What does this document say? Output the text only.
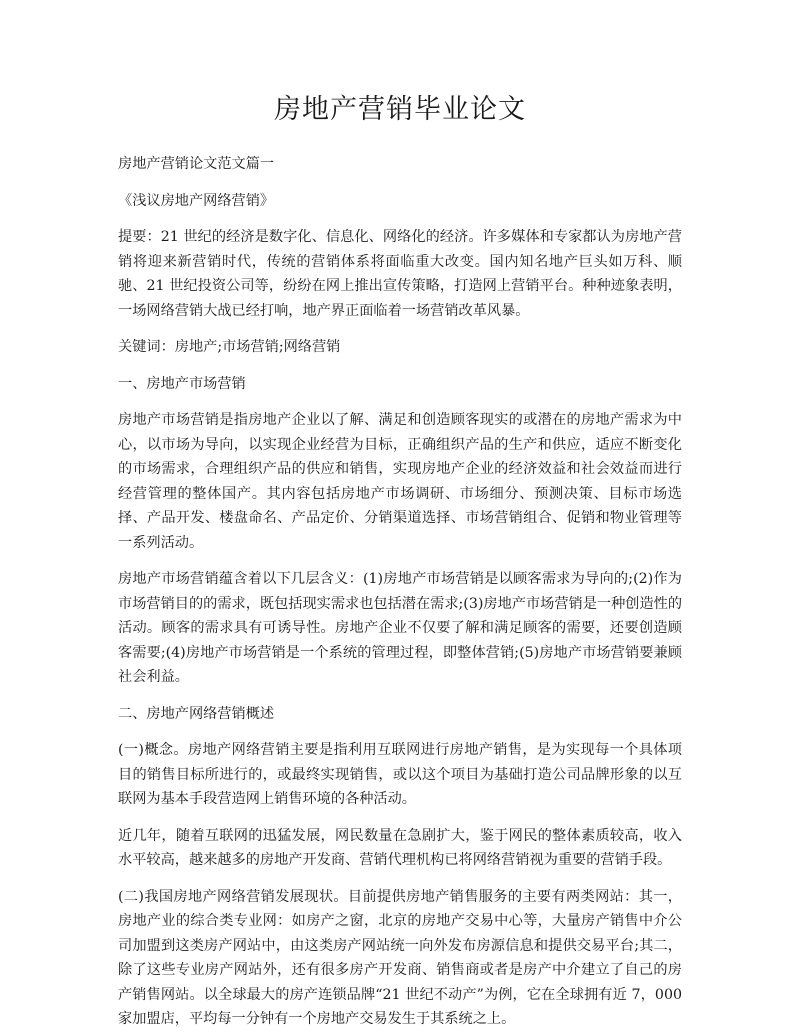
房地产营销毕业论文

房地产营销论文范文篇一

《浅议房地产网络营销》

提要：21 世纪的经济是数字化、信息化、网络化的经济。许多媒体和专家都认为房地产营销将迎来新营销时代，传统的营销体系将面临重大改变。国内知名地产巨头如万科、顺驰、21 世纪投资公司等，纷纷在网上推出宣传策略，打造网上营销平台。种种迹象表明，一场网络营销大战已经打响，地产界正面临着一场营销改革风暴。

关键词：房地产;市场营销;网络营销

一、房地产市场营销

房地产市场营销是指房地产企业以了解、满足和创造顾客现实的或潜在的房地产需求为中心，以市场为导向，以实现企业经营为目标，正确组织产品的生产和供应，适应不断变化的市场需求，合理组织产品的供应和销售，实现房地产企业的经济效益和社会效益而进行经营管理的整体国产。其内容包括房地产市场调研、市场细分、预测决策、目标市场选择、产品开发、楼盘命名、产品定价、分销渠道选择、市场营销组合、促销和物业管理等一系列活动。

房地产市场营销蕴含着以下几层含义：(1)房地产市场营销是以顾客需求为导向的;(2)作为市场营销目的的需求，既包括现实需求也包括潜在需求;(3)房地产市场营销是一种创造性的活动。顾客的需求具有可诱导性。房地产企业不仅要了解和满足顾客的需要，还要创造顾客需要;(4)房地产市场营销是一个系统的管理过程，即整体营销;(5)房地产市场营销要兼顾社会利益。

二、房地产网络营销概述

(一)概念。房地产网络营销主要是指利用互联网进行房地产销售，是为实现每一个具体项目的销售目标所进行的，或最终实现销售，或以这个项目为基础打造公司品牌形象的以互联网为基本手段营造网上销售环境的各种活动。

近几年，随着互联网的迅猛发展，网民数量在急剧扩大，鉴于网民的整体素质较高，收入水平较高，越来越多的房地产开发商、营销代理机构已将网络营销视为重要的营销手段。

(二)我国房地产网络营销发展现状。目前提供房地产销售服务的主要有两类网站：其一，房地产业的综合类专业网：如房产之窗，北京的房地产交易中心等，大量房产销售中介公司加盟到这类房产网站中，由这类房产网站统一向外发布房源信息和提供交易平台;其二，除了这些专业房产网站外，还有很多房产开发商、销售商或者是房产中介建立了自己的房产销售网站。以全球最大的房产连锁品牌“21 世纪不动产”为例，它在全球拥有近 7，000 家加盟店，平均每一分钟有一个房地产交易发生于其系统之上。
